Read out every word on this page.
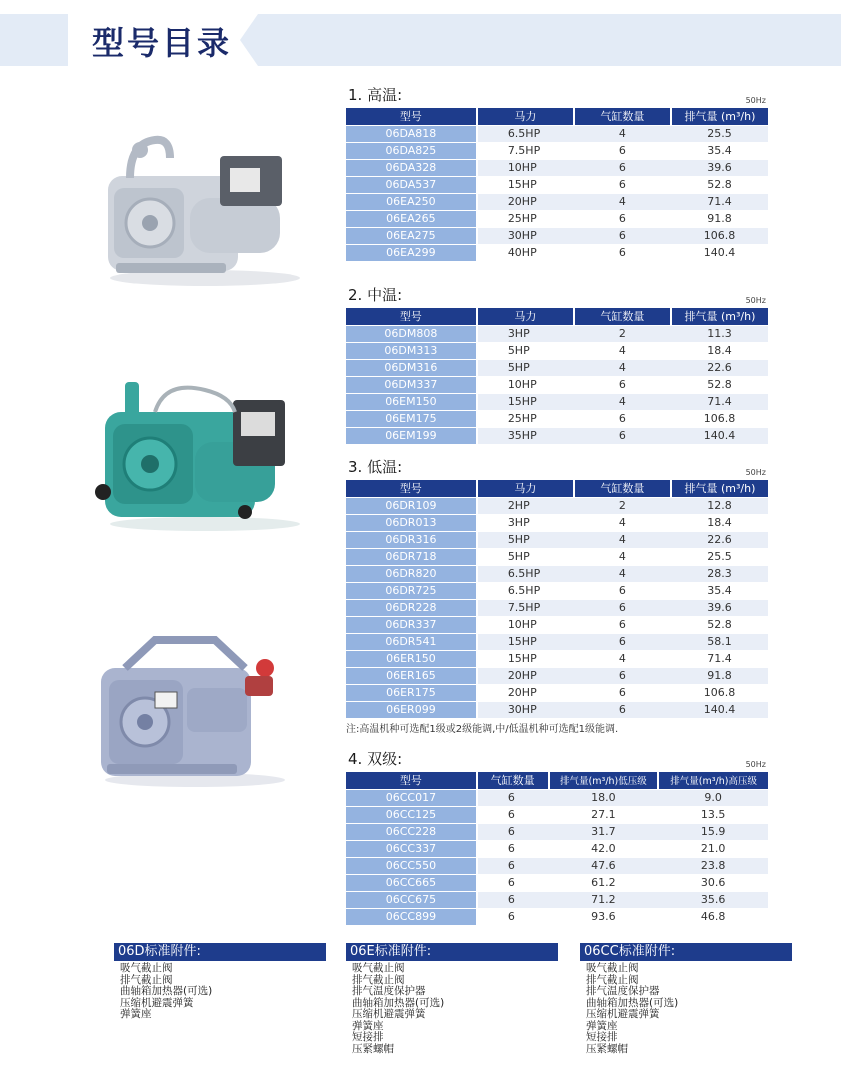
型号目录
1. 高温:	50Hz
型号	马力	气缸数量	排气量 (m³/h)
06DA818	6.5HP	4	25.5
06DA825	7.5HP	6	35.4
06DA328	10HP	6	39.6
06DA537	15HP	6	52.8
06EA250	20HP	4	71.4
06EA265	25HP	6	91.8
06EA275	30HP	6	106.8
06EA299	40HP	6	140.4
2. 中温:	50Hz
型号	马力	气缸数量	排气量 (m³/h)
06DM808	3HP	2	11.3
06DM313	5HP	4	18.4
06DM316	5HP	4	22.6
06DM337	10HP	6	52.8
06EM150	15HP	4	71.4
06EM175	25HP	6	106.8
06EM199	35HP	6	140.4
3. 低温:	50Hz
型号	马力	气缸数量	排气量 (m³/h)
06DR109	2HP	2	12.8
06DR013	3HP	4	18.4
06DR316	5HP	4	22.6
06DR718	5HP	4	25.5
06DR820	6.5HP	4	28.3
06DR725	6.5HP	6	35.4
06DR228	7.5HP	6	39.6
06DR337	10HP	6	52.8
06DR541	15HP	6	58.1
06ER150	15HP	4	71.4
06ER165	20HP	6	91.8
06ER175	20HP	6	106.8
06ER099	30HP	6	140.4
4. 双级:	50Hz
型号	气缸数量	排气量(m³/h)低压级	排气量(m³/h)高压级
06CC017	6	18.0	9.0
06CC125	6	27.1	13.5
06CC228	6	31.7	15.9
06CC337	6	42.0	21.0
06CC550	6	47.6	23.8
06CC665	6	61.2	30.6
06CC675	6	71.2	35.6
06CC899	6	93.6	46.8
注:高温机种可选配1级或2级能调,中/低温机种可选配1级能调.
06D标准附件:
吸气截止阀
排气截止阀
曲轴箱加热器(可选)
压缩机避震弹簧
弹簧座
06E标准附件:
吸气截止阀
排气截止阀
排气温度保护器
曲轴箱加热器(可选)
压缩机避震弹簧
弹簧座
短接排
压紧螺帽
06CC标准附件:
吸气截止阀
排气截止阀
排气温度保护器
曲轴箱加热器(可选)
压缩机避震弹簧
弹簧座
短接排
压紧螺帽
